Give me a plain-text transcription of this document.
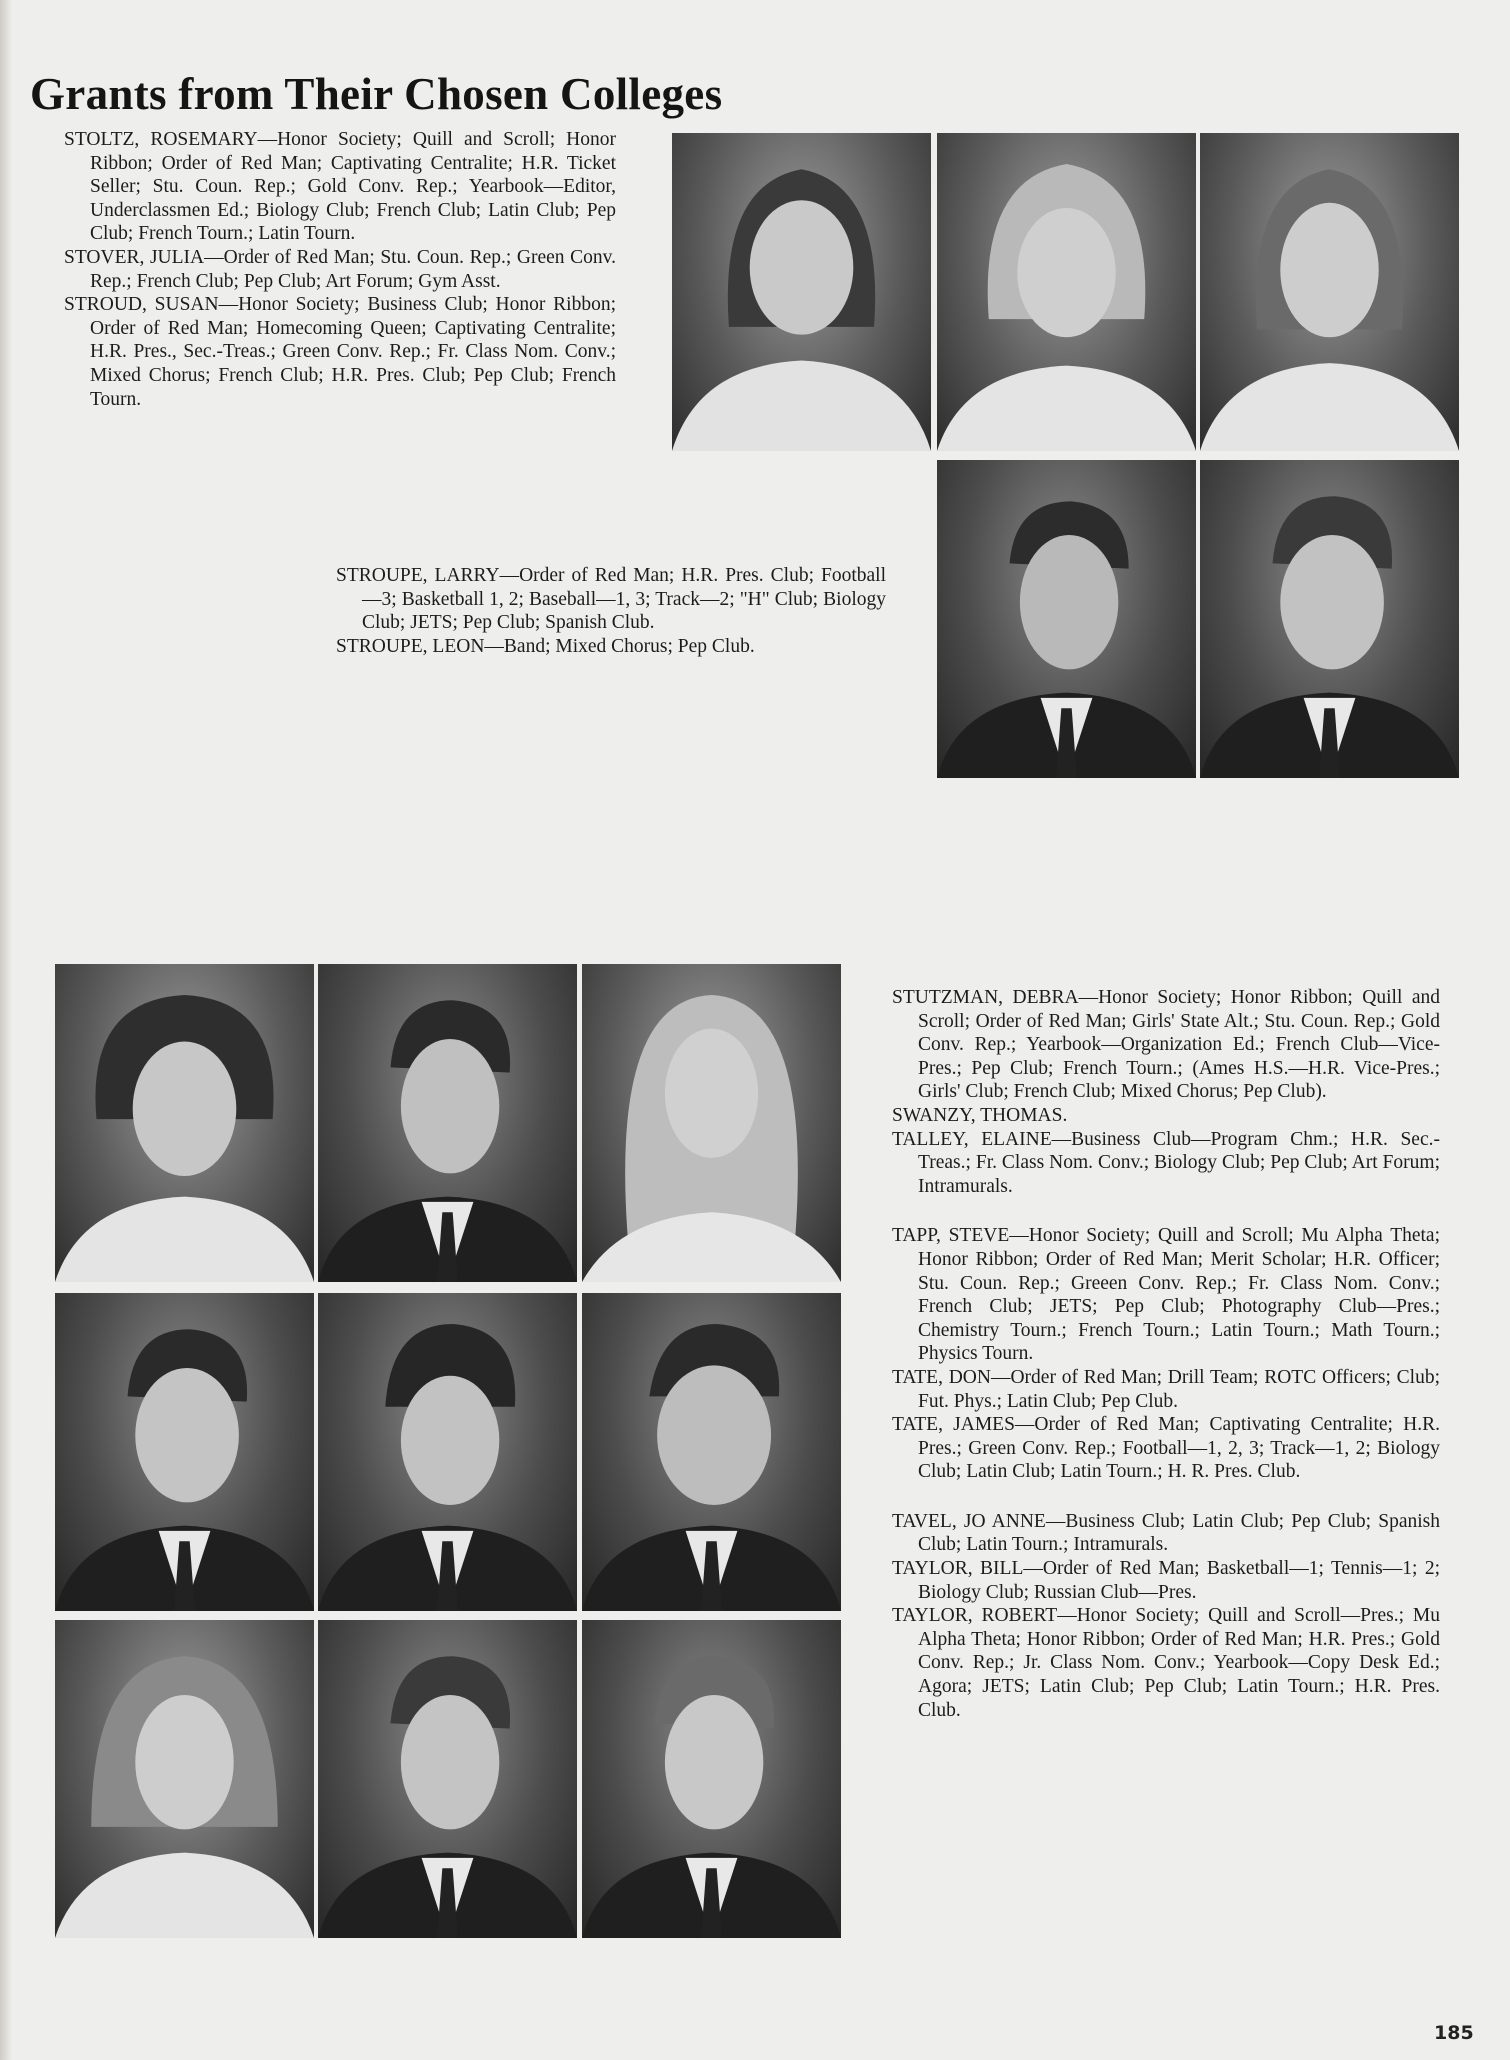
Grants from Their Chosen Colleges

STOLTZ, ROSEMARY—Honor Society; Quill and Scroll; Honor Ribbon; Order of Red Man; Captivating Centralite; H.R. Ticket Seller; Stu. Coun. Rep.; Gold Conv. Rep.; Yearbook—Editor, Underclassmen Ed.; Biology Club; French Club; Latin Club; Pep Club; French Tourn.; Latin Tourn.

STOVER, JULIA—Order of Red Man; Stu. Coun. Rep.; Green Conv. Rep.; French Club; Pep Club; Art Forum; Gym Asst.

STROUD, SUSAN—Honor Society; Business Club; Honor Ribbon; Order of Red Man; Homecoming Queen; Captivating Centralite; H.R. Pres., Sec.-Treas.; Green Conv. Rep.; Fr. Class Nom. Conv.; Mixed Chorus; French Club; H.R. Pres. Club; Pep Club; French Tourn.

STROUPE, LARRY—Order of Red Man; H.R. Pres. Club; Football—3; Basketball 1, 2; Baseball—1, 3; Track—2; "H" Club; Biology Club; JETS; Pep Club; Spanish Club.

STROUPE, LEON—Band; Mixed Chorus; Pep Club.

STUTZMAN, DEBRA—Honor Society; Honor Ribbon; Quill and Scroll; Order of Red Man; Girls' State Alt.; Stu. Coun. Rep.; Gold Conv. Rep.; Yearbook—Organization Ed.; French Club—Vice-Pres.; Pep Club; French Tourn.; (Ames H.S.—H.R. Vice-Pres.; Girls' Club; French Club; Mixed Chorus; Pep Club).

SWANZY, THOMAS.

TALLEY, ELAINE—Business Club—Program Chm.; H.R. Sec.-Treas.; Fr. Class Nom. Conv.; Biology Club; Pep Club; Art Forum; Intramurals.

TAPP, STEVE—Honor Society; Quill and Scroll; Mu Alpha Theta; Honor Ribbon; Order of Red Man; Merit Scholar; H.R. Officer; Stu. Coun. Rep.; Greeen Conv. Rep.; Fr. Class Nom. Conv.; French Club; JETS; Pep Club; Photography Club—Pres.; Chemistry Tourn.; French Tourn.; Latin Tourn.; Math Tourn.; Physics Tourn.

TATE, DON—Order of Red Man; Drill Team; ROTC Officers; Club; Fut. Phys.; Latin Club; Pep Club.

TATE, JAMES—Order of Red Man; Captivating Centralite; H.R. Pres.; Green Conv. Rep.; Football—1, 2, 3; Track—1, 2; Biology Club; Latin Club; Latin Tourn.; H. R. Pres. Club.

TAVEL, JO ANNE—Business Club; Latin Club; Pep Club; Spanish Club; Latin Tourn.; Intramurals.

TAYLOR, BILL—Order of Red Man; Basketball—1; Tennis—1; 2; Biology Club; Russian Club—Pres.

TAYLOR, ROBERT—Honor Society; Quill and Scroll—Pres.; Mu Alpha Theta; Honor Ribbon; Order of Red Man; H.R. Pres.; Gold Conv. Rep.; Jr. Class Nom. Conv.; Yearbook—Copy Desk Ed.; Agora; JETS; Latin Club; Pep Club; Latin Tourn.; H.R. Pres. Club.

185
